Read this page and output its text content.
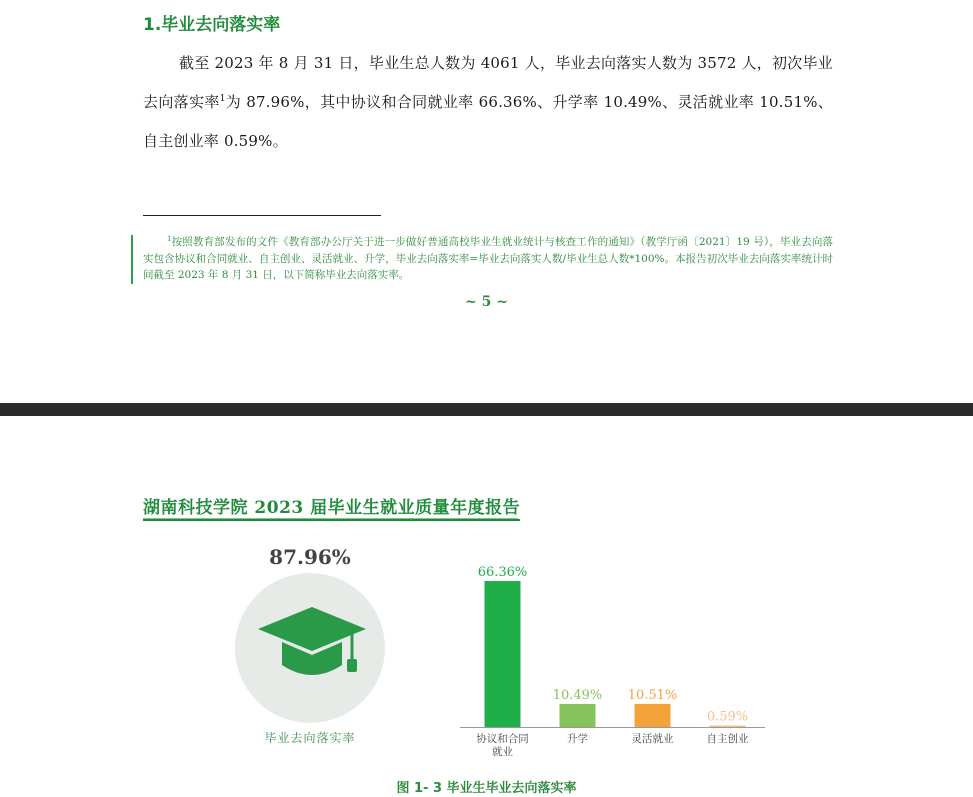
1.毕业去向落实率

截至 2023 年 8 月 31 日，毕业生总人数为 4061 人，毕业去向落实人数为 3572 人，初次毕业去向落实率$^1$为 87.96%，其中协议和合同就业率 66.36%、升学率 10.49%、灵活就业率 10.51%、自主创业率 0.59%。

$^1$按照教育部发布的文件《教育部办公厅关于进一步做好普通高校毕业生就业统计与核查工作的通知》（教学厅函〔2021〕19 号），毕业去向落实包含协议和合同就业、自主创业、灵活就业、升学，毕业去向落实率=毕业去向落实人数/毕业生总人数*100%。本报告初次毕业去向落实率统计时间截至 2023 年 8 月 31 日，以下简称毕业去向落实率。

~ 5 ~
湖南科技学院 2023 届毕业生就业质量年度报告
87.96%
毕业去向落实率
66.36%
协议和合同就业
10.49%
升学
10.51%
灵活就业
0.59%
自主创业
图 1- 3 毕业生毕业去向落实率
